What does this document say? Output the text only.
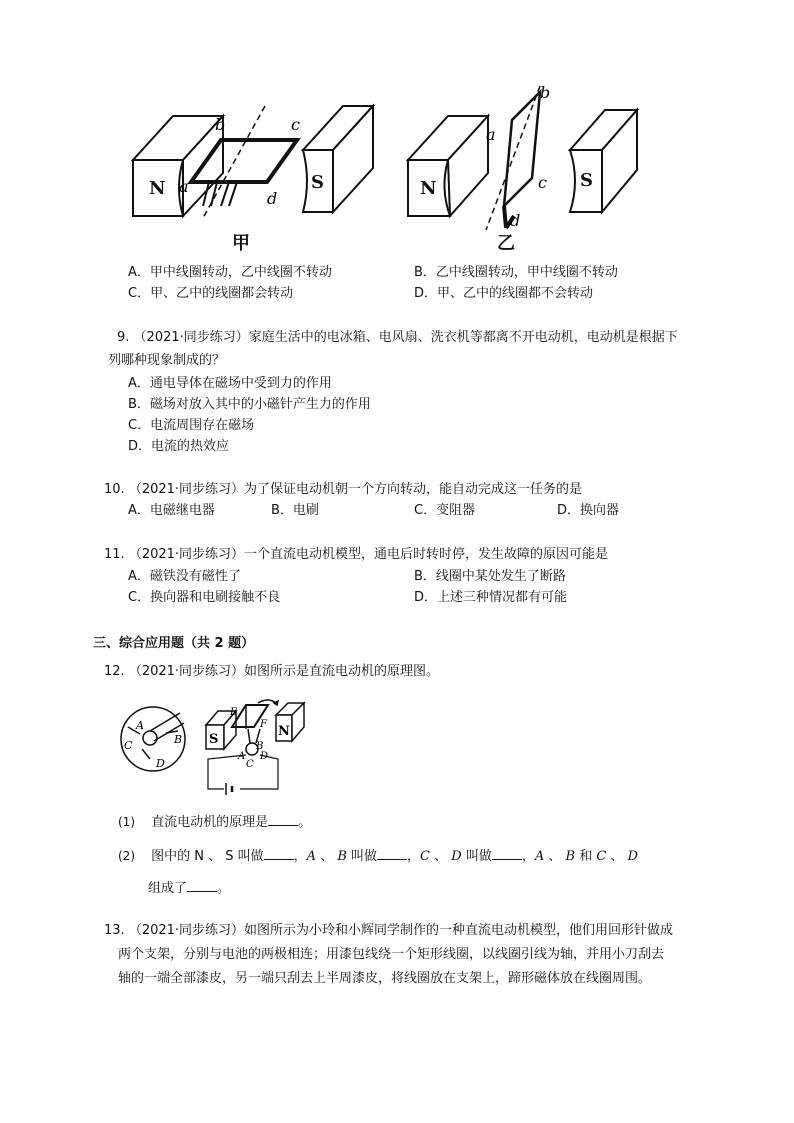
N	S
a
b	c
d
甲
N	S
a
b
c
d
乙
A．甲中线圈转动，乙中线圈不转动	B．乙中线圈转动，甲中线圈不转动
C．甲、乙中的线圈都会转动	D．甲、乙中的线圈都不会转动
9. （2021·同步练习）家庭生活中的电冰箱、电风扇、洗衣机等都离不开电动机，电动机是根据下
列哪种现象制成的？
A．通电导体在磁场中受到力的作用
B．磁场对放入其中的小磁针产生力的作用
C．电流周围存在磁场
D．电流的热效应
10. （2021·同步练习）为了保证电动机朝一个方向转动，能自动完成这一任务的是
A．电磁继电器	B．电刷	C．变阻器	D．换向器
11. （2021·同步练习）一个直流电动机模型，通电后时转时停，发生故障的原因可能是
A．磁铁没有磁性了	B．线圈中某处发生了断路
C．换向器和电刷接触不良	D．上述三种情况都有可能
三、综合应用题（共 2 题）
12. （2021·同步练习）如图所示是直流电动机的原理图。
C
A
B
D
S
N
E
F
B
A D
C
(1) 直流电动机的原理是 。
(2) 图中的 N 、 S 叫做 ，A 、 B 叫做 ，C 、 D 叫做 ，A 、 B 和 C 、 D
组成了 。
13. （2021·同步练习）如图所示为小玲和小辉同学制作的一种直流电动机模型，他们用回形针做成
两个支架，分别与电池的两极相连；用漆包线绕一个矩形线圈，以线圈引线为轴，并用小刀刮去
轴的一端全部漆皮，另一端只刮去上半周漆皮，将线圈放在支架上，蹄形磁体放在线圈周围。
